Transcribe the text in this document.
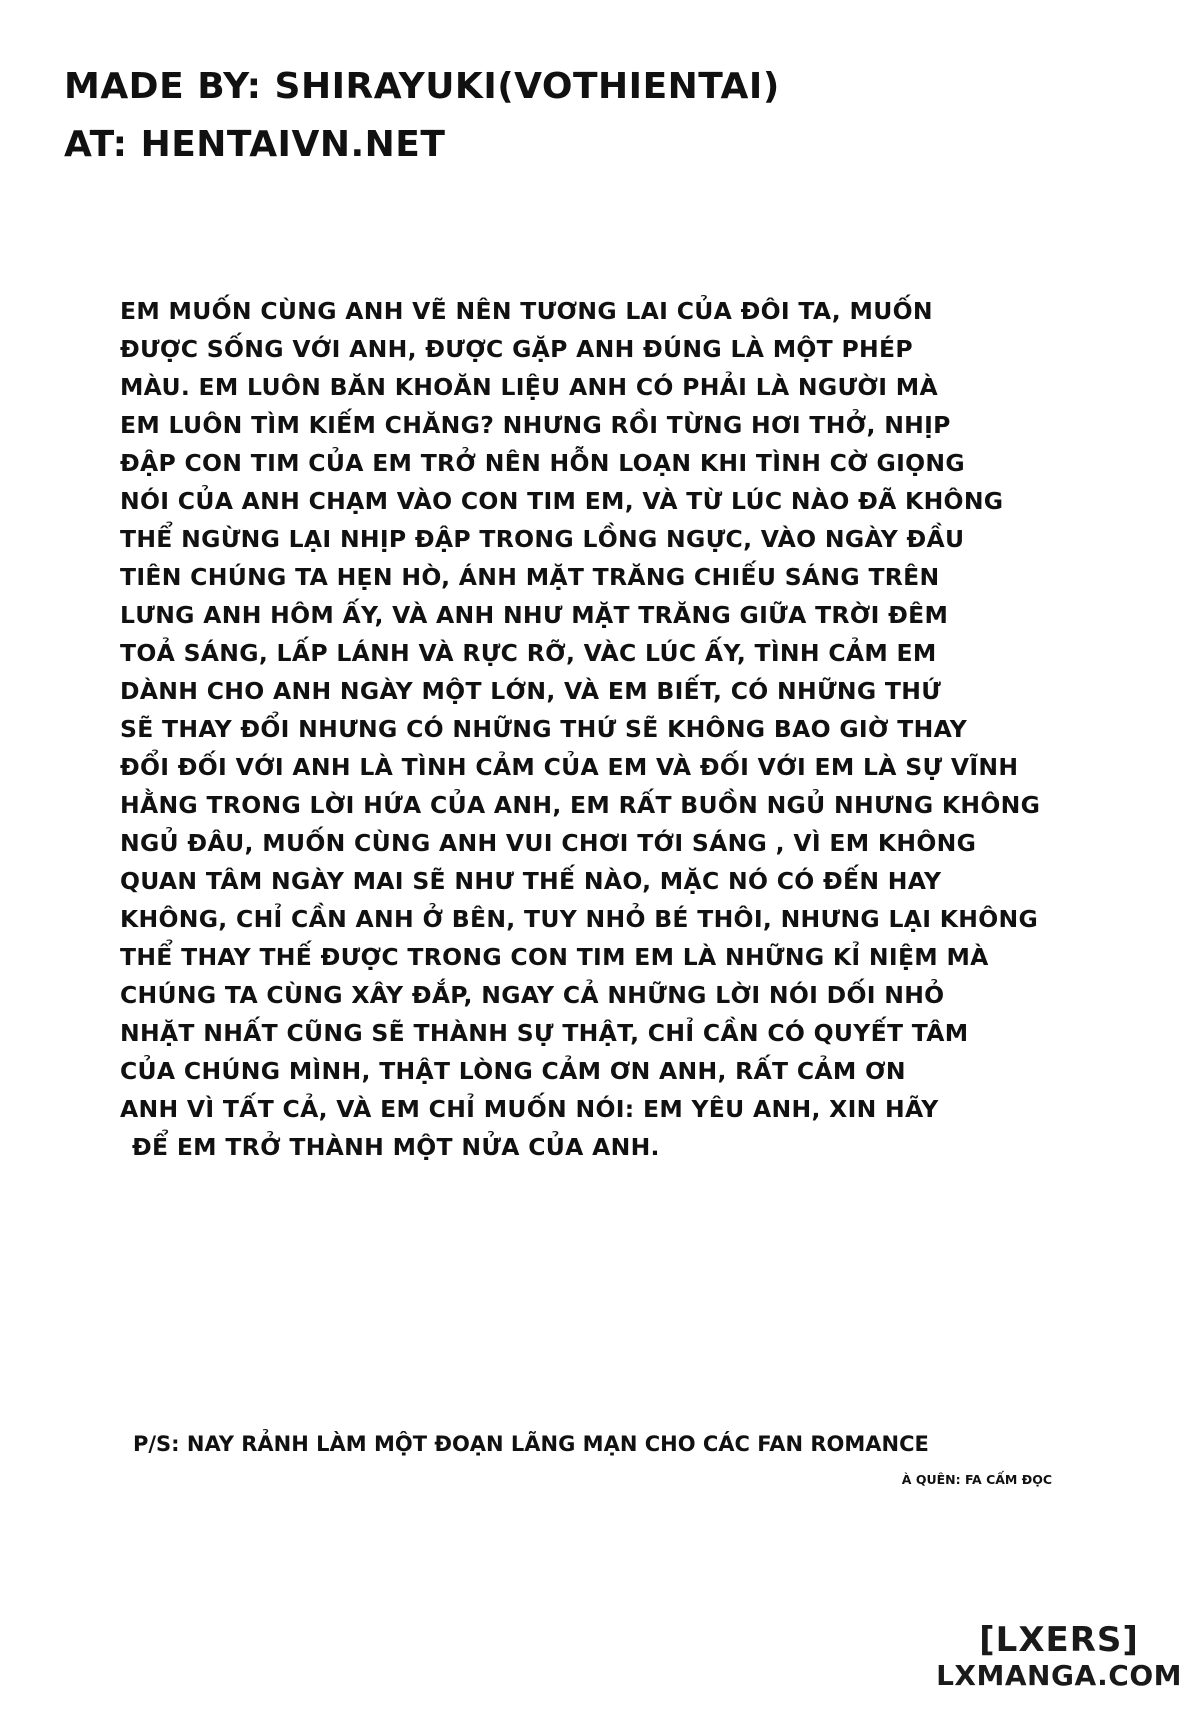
MADE BY: SHIRAYUKI(VOTHIENTAI)
AT: HENTAIVN.NET
EM MUỐN CÙNG ANH VẼ NÊN TƯƠNG LAI CỦA ĐÔI TA, MUỐN
ĐƯỢC SỐNG VỚI ANH, ĐƯỢC GẶP ANH ĐÚNG LÀ MỘT PHÉP
MÀU. EM LUÔN BĂN KHOĂN LIỆU ANH CÓ PHẢI LÀ NGƯỜI MÀ
EM LUÔN TÌM KIẾM CHĂNG? NHƯNG RỒI TỪNG HƠI THỞ, NHỊP
ĐẬP CON TIM CỦA EM TRỞ NÊN HỖN LOẠN KHI TÌNH CỜ GIỌNG
NÓI CỦA ANH CHẠM VÀO CON TIM EM, VÀ TỪ LÚC NÀO ĐÃ KHÔNG
THỂ NGỪNG LẠI NHỊP ĐẬP TRONG LỒNG NGỰC, VÀO NGÀY ĐẦU
TIÊN CHÚNG TA HẸN HÒ, ÁNH MẶT TRĂNG CHIẾU SÁNG TRÊN
LƯNG ANH HÔM ẤY, VÀ ANH NHƯ MẶT TRĂNG GIỮA TRỜI ĐÊM
TOẢ SÁNG, LẤP LÁNH VÀ RỰC RỠ, VÀC LÚC ẤY, TÌNH CẢM EM
DÀNH CHO ANH NGÀY MỘT LỚN, VÀ EM BIẾT, CÓ NHỮNG THỨ
SẼ THAY ĐỔI NHƯNG CÓ NHỮNG THỨ SẼ KHÔNG BAO GIỜ THAY
ĐỔI ĐỐI VỚI ANH LÀ TÌNH CẢM CỦA EM VÀ ĐỐI VỚI EM LÀ SỰ VĨNH
HẰNG TRONG LỜI HỨA CỦA ANH, EM RẤT BUỒN NGỦ NHƯNG KHÔNG
NGỦ ĐÂU, MUỐN CÙNG ANH VUI CHƠI TỚI SÁNG , VÌ EM KHÔNG
QUAN TÂM NGÀY MAI SẼ NHƯ THẾ NÀO, MẶC NÓ CÓ ĐẾN HAY
KHÔNG, CHỈ CẦN ANH Ở BÊN, TUY NHỎ BÉ THÔI, NHƯNG LẠI KHÔNG
THỂ THAY THẾ ĐƯỢC TRONG CON TIM EM LÀ NHỮNG KỈ NIỆM MÀ
CHÚNG TA CÙNG XÂY ĐẮP, NGAY CẢ NHỮNG LỜI NÓI DỐI NHỎ
NHẶT NHẤT CŨNG SẼ THÀNH SỰ THẬT, CHỈ CẦN CÓ QUYẾT TÂM
CỦA CHÚNG MÌNH, THẬT LÒNG CẢM ƠN ANH, RẤT CẢM ƠN
ANH VÌ TẤT CẢ, VÀ EM CHỈ MUỐN NÓI: EM YÊU ANH, XIN HÃY
ĐỂ EM TRỞ THÀNH MỘT NỬA CỦA ANH.
P/S: NAY RẢNH LÀM MỘT ĐOẠN LÃNG MẠN CHO CÁC FAN ROMANCE
À QUÊN: FA CẤM ĐỌC
[LXERS]
LXMANGA.COM
